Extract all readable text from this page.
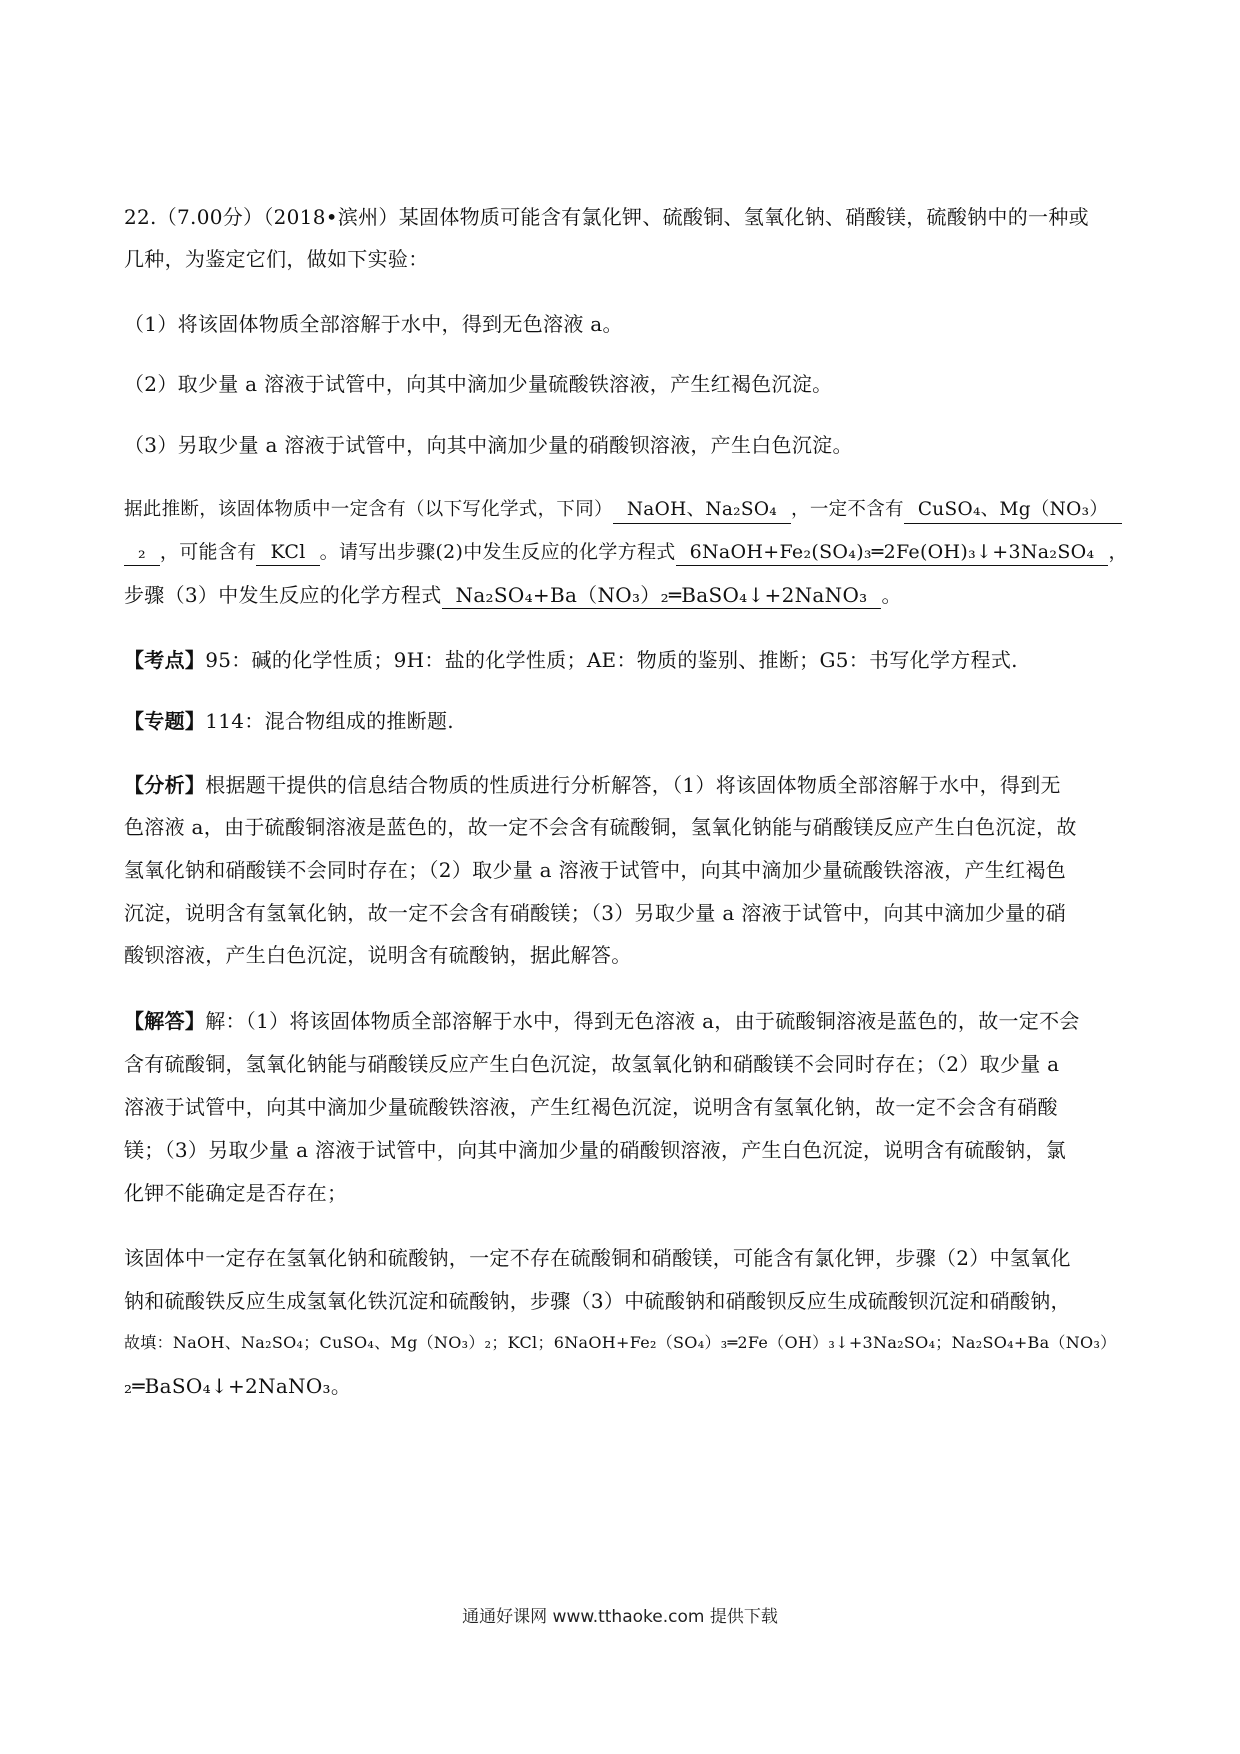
22.（7.00分）（2018•滨州）某固体物质可能含有氯化钾、硫酸铜、氢氧化钠、硝酸镁，硫酸钠中的一种或
几种，为鉴定它们，做如下实验：
（1）将该固体物质全部溶解于水中，得到无色溶液 a。
（2）取少量 a 溶液于试管中，向其中滴加少量硫酸铁溶液，产生红褐色沉淀。
（3）另取少量 a 溶液于试管中，向其中滴加少量的硝酸钡溶液，产生白色沉淀。
据此推断，该固体物质中一定含有（以下写化学式，下同） NaOH、Na₂SO₄ ，一定不含有 CuSO₄、Mg（NO₃）
₂ ，可能含有 KCl 。请写出步骤(2)中发生反应的化学方程式 6NaOH+Fe₂(SO₄)₃═2Fe(OH)₃↓+3Na₂SO₄ ，
步骤（3）中发生反应的化学方程式 Na₂SO₄+Ba（NO₃）₂═BaSO₄↓+2NaNO₃ 。
【考点】95：碱的化学性质；9H：盐的化学性质；AE：物质的鉴别、推断；G5：书写化学方程式.
【专题】114：混合物组成的推断题.
【分析】根据题干提供的信息结合物质的性质进行分析解答，（1）将该固体物质全部溶解于水中，得到无
色溶液 a，由于硫酸铜溶液是蓝色的，故一定不会含有硫酸铜，氢氧化钠能与硝酸镁反应产生白色沉淀，故
氢氧化钠和硝酸镁不会同时存在；（2）取少量 a 溶液于试管中，向其中滴加少量硫酸铁溶液，产生红褐色
沉淀，说明含有氢氧化钠，故一定不会含有硝酸镁；（3）另取少量 a 溶液于试管中，向其中滴加少量的硝
酸钡溶液，产生白色沉淀，说明含有硫酸钠，据此解答。
【解答】解：（1）将该固体物质全部溶解于水中，得到无色溶液 a，由于硫酸铜溶液是蓝色的，故一定不会
含有硫酸铜，氢氧化钠能与硝酸镁反应产生白色沉淀，故氢氧化钠和硝酸镁不会同时存在；（2）取少量 a
溶液于试管中，向其中滴加少量硫酸铁溶液，产生红褐色沉淀，说明含有氢氧化钠，故一定不会含有硝酸
镁；（3）另取少量 a 溶液于试管中，向其中滴加少量的硝酸钡溶液，产生白色沉淀，说明含有硫酸钠，氯
化钾不能确定是否存在；
该固体中一定存在氢氧化钠和硫酸钠，一定不存在硫酸铜和硝酸镁，可能含有氯化钾，步骤（2）中氢氧化
钠和硫酸铁反应生成氢氧化铁沉淀和硫酸钠，步骤（3）中硫酸钠和硝酸钡反应生成硫酸钡沉淀和硝酸钠，
故填：NaOH、Na₂SO₄；CuSO₄、Mg（NO₃）₂；KCl；6NaOH+Fe₂（SO₄）₃═2Fe（OH）₃↓+3Na₂SO₄；Na₂SO₄+Ba（NO₃）
₂═BaSO₄↓+2NaNO₃。
通通好课网 www.tthaoke.com 提供下载
